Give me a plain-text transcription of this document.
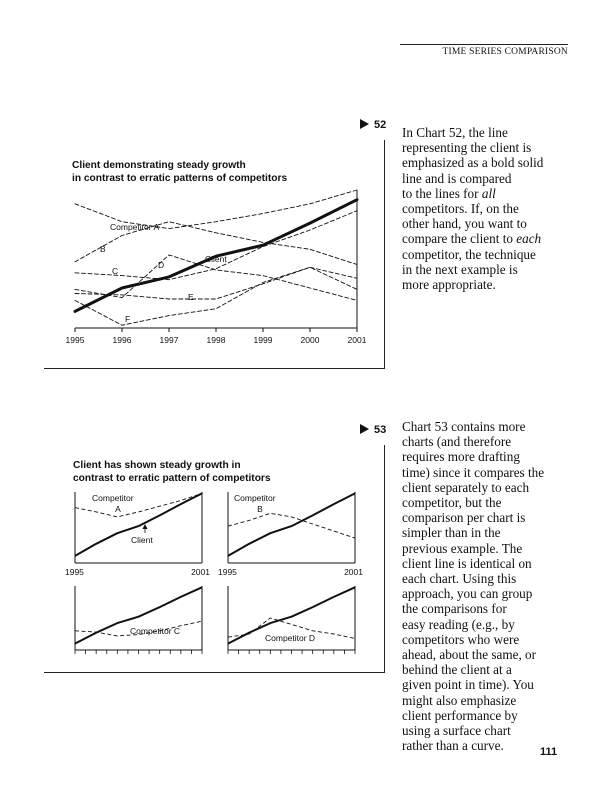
TIME SERIES COMPARISON
52
Client demonstrating steady growth
in contrast to erratic patterns of competitors
1995	1996	1997	1998	1999	2000	2001
Client
Competitor A
B
C
D
E
F
In Chart 52, the line
representing the client is
emphasized as a bold solid
line and is compared
to the lines for all
competitors. If, on the
other hand, you want to
compare the client to each
competitor, the technique
in the next example is
more appropriate.
53
Client has shown steady growth in
contrast to erratic pattern of competitors
Competitor
A
Client
1995	2001
Competitor
B
1995	2001
Competitor C
Competitor D
Chart 53 contains more
charts (and therefore
requires more drafting
time) since it compares the
client separately to each
competitor, but the
comparison per chart is
simpler than in the
previous example. The
client line is identical on
each chart. Using this
approach, you can group
the comparisons for
easy reading (e.g., by
competitors who were
ahead, about the same, or
behind the client at a
given point in time). You
might also emphasize
client performance by
using a surface chart
rather than a curve.	111
